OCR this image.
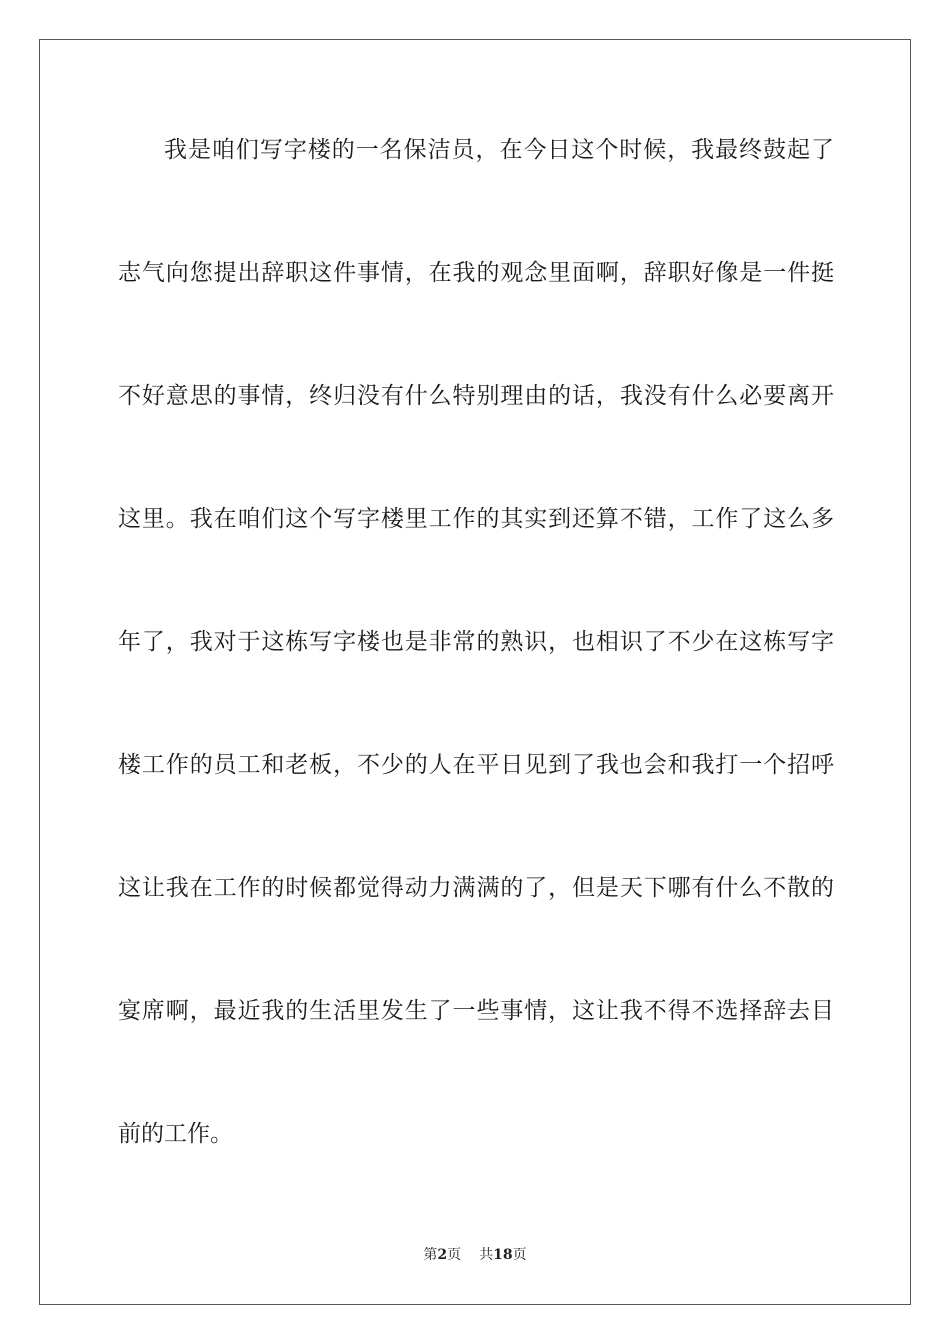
我是咱们写字楼的一名保洁员，在今日这个时候，我最终鼓起了
志气向您提出辞职这件事情，在我的观念里面啊，辞职好像是一件挺
不好意思的事情，终归没有什么特别理由的话，我没有什么必要离开
这里。我在咱们这个写字楼里工作的其实到还算不错，工作了这么多
年了，我对于这栋写字楼也是非常的熟识，也相识了不少在这栋写字
楼工作的员工和老板，不少的人在平日见到了我也会和我打一个招呼
这让我在工作的时候都觉得动力满满的了，但是天下哪有什么不散的
宴席啊，最近我的生活里发生了一些事情，这让我不得不选择辞去目
前的工作。
第2页 共18页
